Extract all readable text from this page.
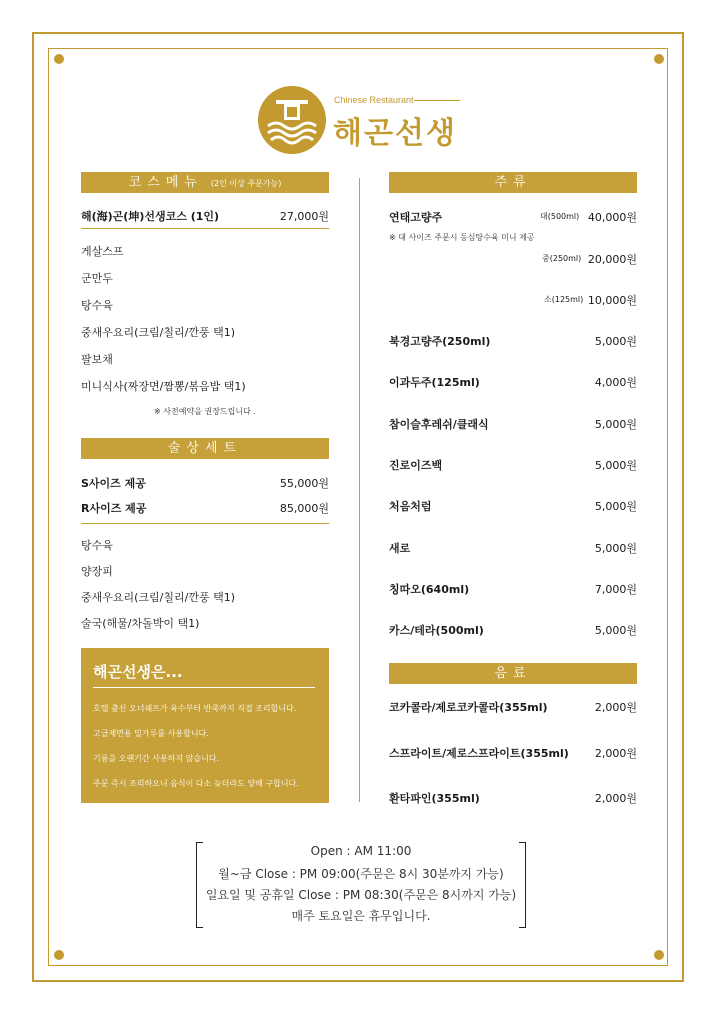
Chinese Restaurant
해곤선생
코스메뉴 (2인 이상 주문가능)
해(海)곤(坤)선생코스 (1인)	27,000원
게살스프
군만두
탕수육
중새우요리(크림/칠리/깐풍 택1)
팔보채
미니식사(짜장면/짬뽕/볶음밥 택1)
※ 사전예약을 권장드립니다 .
술상세트
S사이즈 제공	55,000원
R사이즈 제공	85,000원
탕수육
양장피
중새우요리(크림/칠리/깐풍 택1)
술국(해물/차돌박이 택1)
해곤선생은...
호텔 출신 오너쉐프가 육수부터 반죽까지 직접 조리합니다.
고급제면용 밀가루를 사용합니다.
기름을 오랜기간 사용하지 않습니다.
주문 즉시 조리하오니 음식이 다소 늦더라도 양해 구합니다.
주류
연태고량주	대(500ml) 40,000원
※ 대 사이즈 주문시 등심탕수육 미니 제공
중(250ml) 20,000원
소(125ml) 10,000원
북경고량주(250ml)	5,000원
이과두주(125ml)	4,000원
참이슬후레쉬/클래식	5,000원
진로이즈백	5,000원
처음처럼	5,000원
새로	5,000원
칭따오(640ml)	7,000원
카스/테라(500ml)	5,000원
음료
코카콜라/제로코카콜라(355ml)	2,000원
스프라이트/제로스프라이트(355ml)	2,000원
환타파인(355ml)	2,000원
Open : AM 11:00
월~금 Close : PM 09:00(주문은 8시 30분까지 가능)
일요일 및 공휴일 Close : PM 08:30(주문은 8시까지 가능)
매주 토요일은 휴무입니다.
